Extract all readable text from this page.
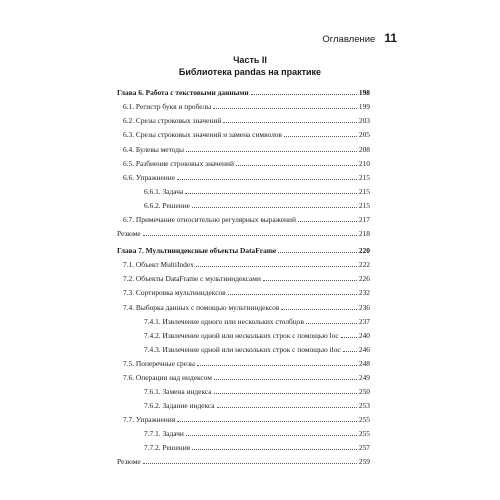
Оглавление 11
Часть II
Библиотека pandas на практике
Глава 6. Работа с текстовыми данными	198
6.1. Регистр букв и пробелы	199
6.2. Срезы строковых значений	203
6.3. Срезы строковых значений и замена символов	205
6.4. Булевы методы	208
6.5. Разбиение строковых значений	210
6.6. Упражнение	215
6.6.1. Задача	215
6.6.2. Решение	215
6.7. Примечание относительно регулярных выражений	217
Резюме	218
Глава 7. Мультииндексные объекты DataFrame	220
7.1. Объект MultiIndex	222
7.2. Объекты DataFrame с мультииндексами	226
7.3. Сортировка мультииндексов	232
7.4. Выборка данных с помощью мультииндексов	236
7.4.1. Извлечение одного или нескольких столбцов	237
7.4.2. Извлечение одной или нескольких строк с помощью loc	240
7.4.3. Извлечение одной или нескольких строк с помощью iloc 246
7.5. Поперечные срезы	248
7.6. Операции над индексом	249
7.6.1. Замена индекса	250
7.6.2. Задание индекса	253
7.7. Упражнения	255
7.7.1. Задачи	255
7.7.2. Решения	257
Резюме	259
